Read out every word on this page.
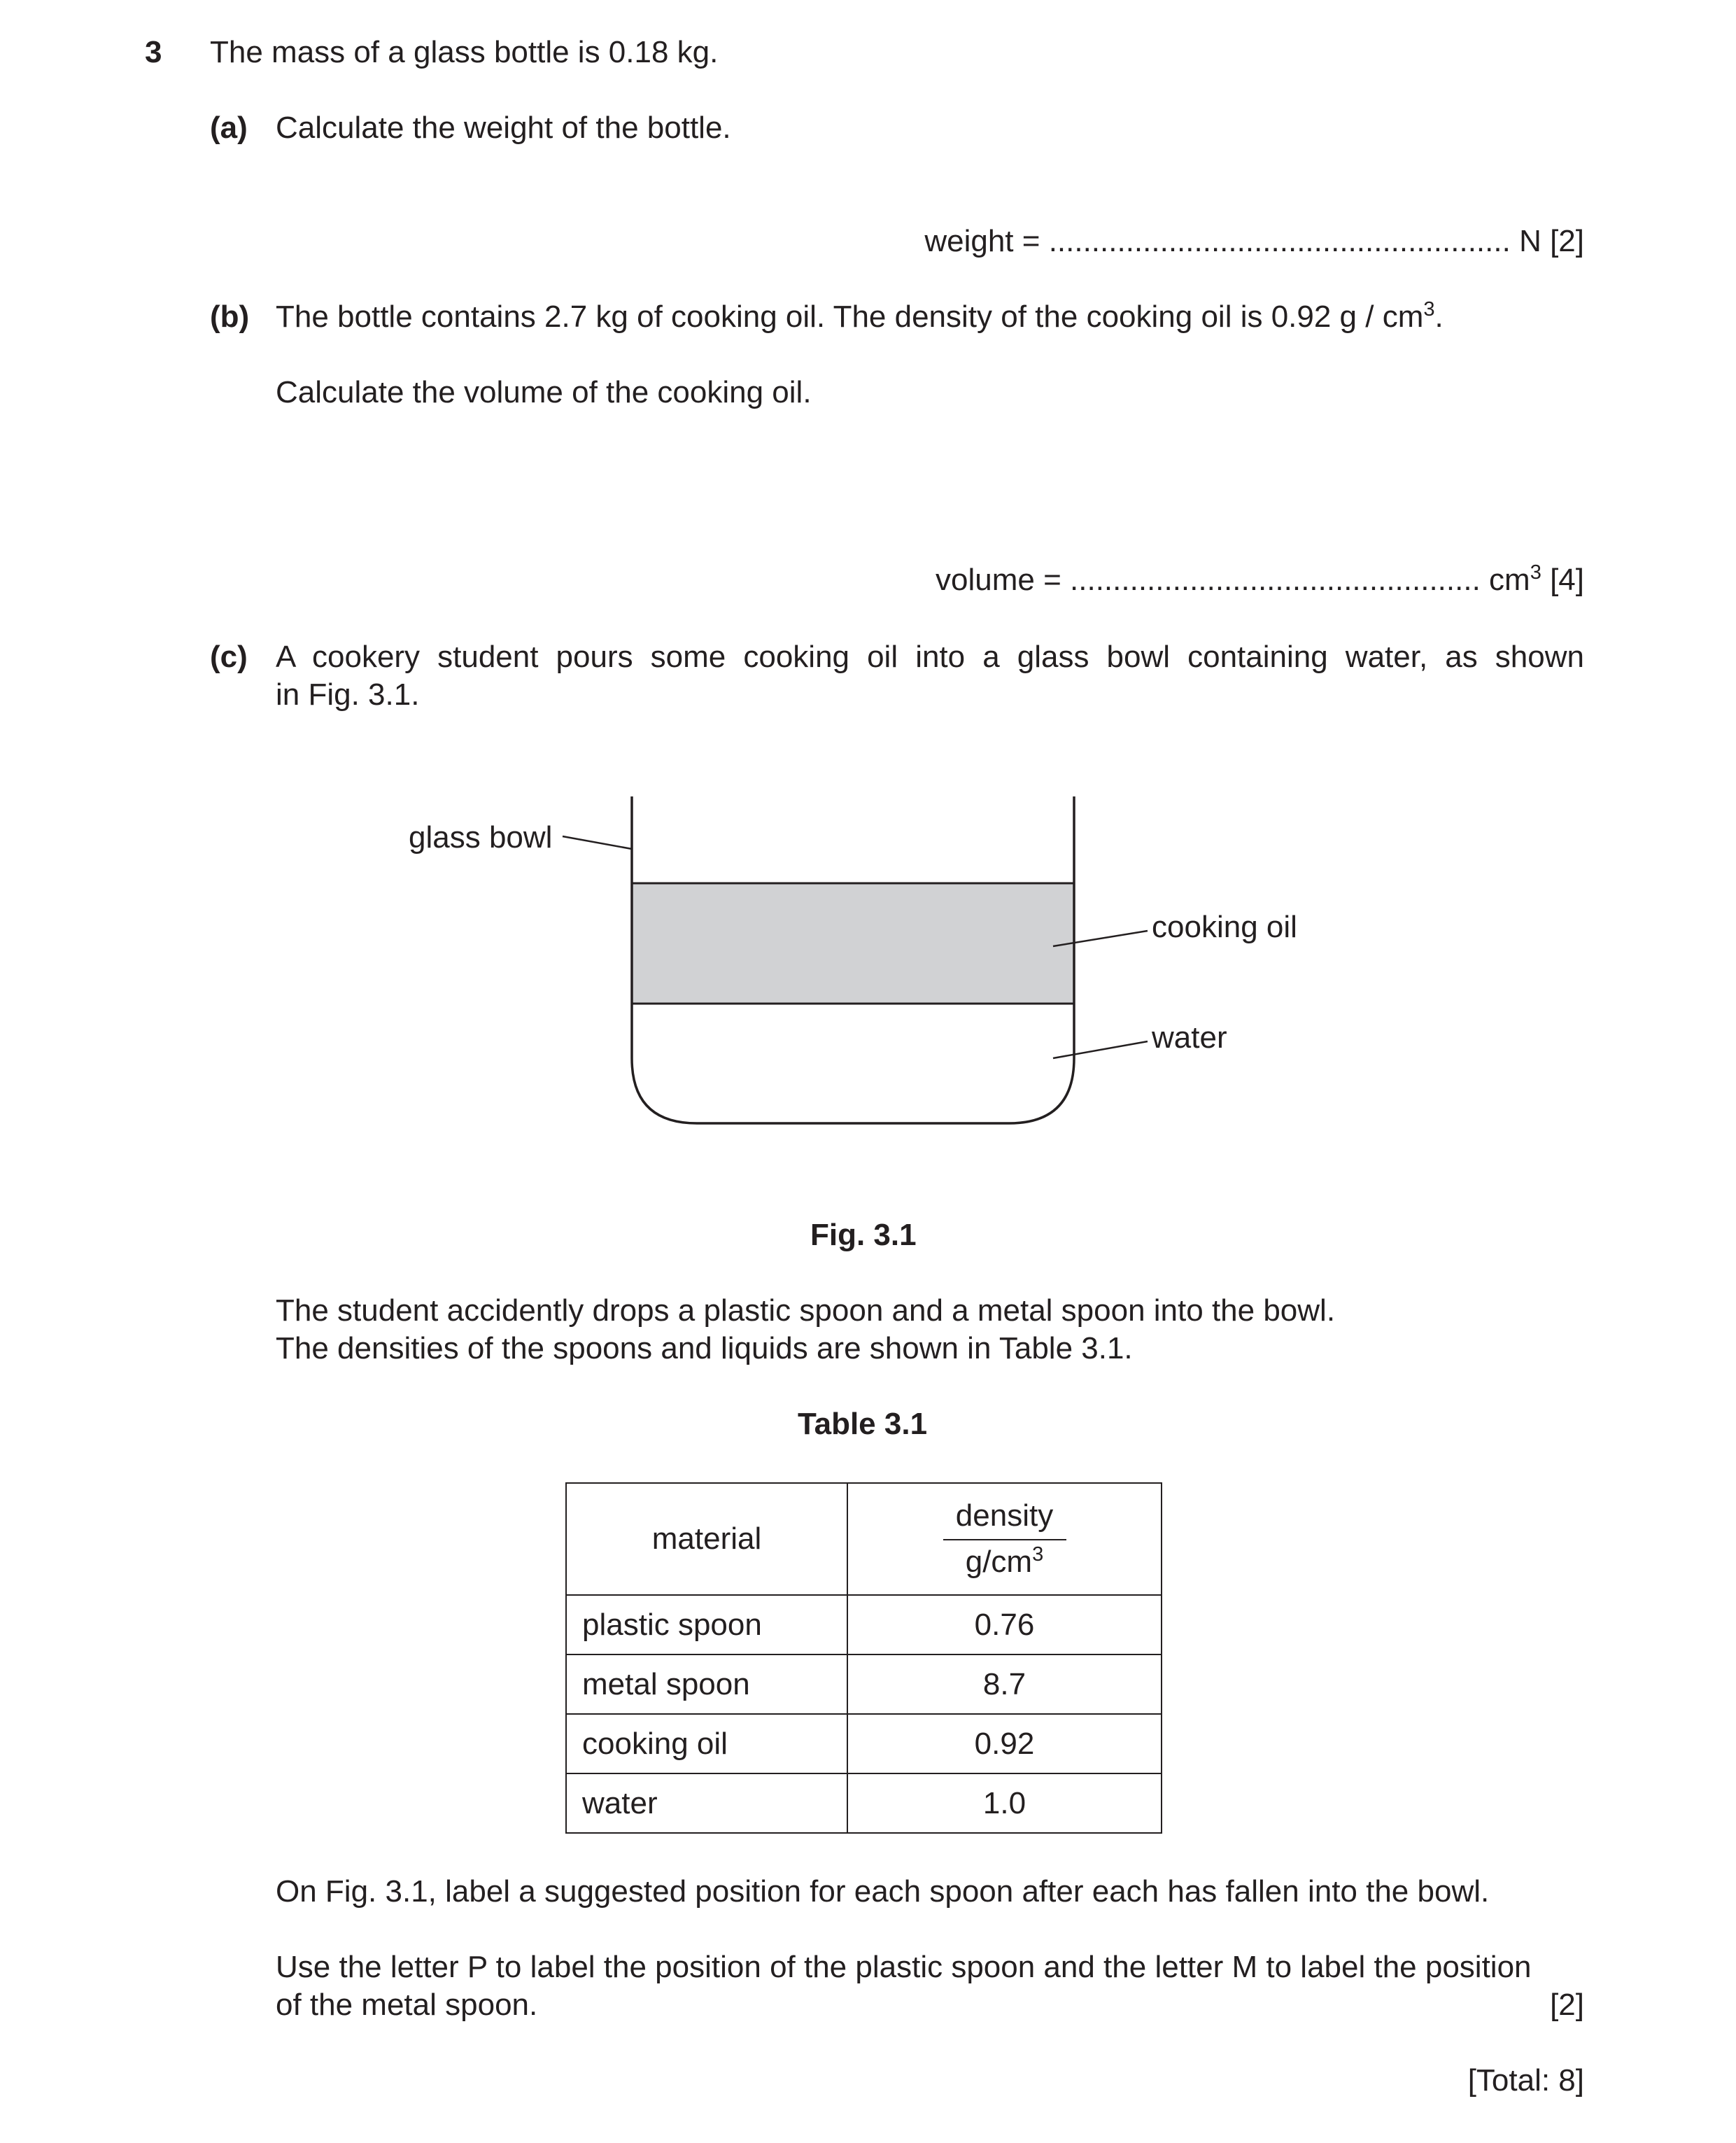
3 The mass of a glass bottle is 0.18 kg.
(a) Calculate the weight of the bottle.
weight = ...................................................... N [2]
(b) The bottle contains 2.7 kg of cooking oil. The density of the cooking oil is 0.92 g / $cm^3$.
Calculate the volume of the cooking oil.
volume = ................................................ $cm^3$ [4]
(c) A cookery student pours some cooking oil into a glass bowl containing water, as shown
in Fig. 3.1.
glass bowl
cooking oil
water
Fig. 3.1
The student accidently drops a plastic spoon and a metal spoon into the bowl.
The densities of the spoons and liquids are shown in Table 3.1.
Table 3.1
material	density
$g/cm^3$

plastic spoon	0.76
metal spoon	8.7
cooking oil	0.92
water	1.0
On Fig. 3.1, label a suggested position for each spoon after each has fallen into the bowl.
Use the letter P to label the position of the plastic spoon and the letter M to label the position
of the metal spoon.	[2]
[Total: 8]
